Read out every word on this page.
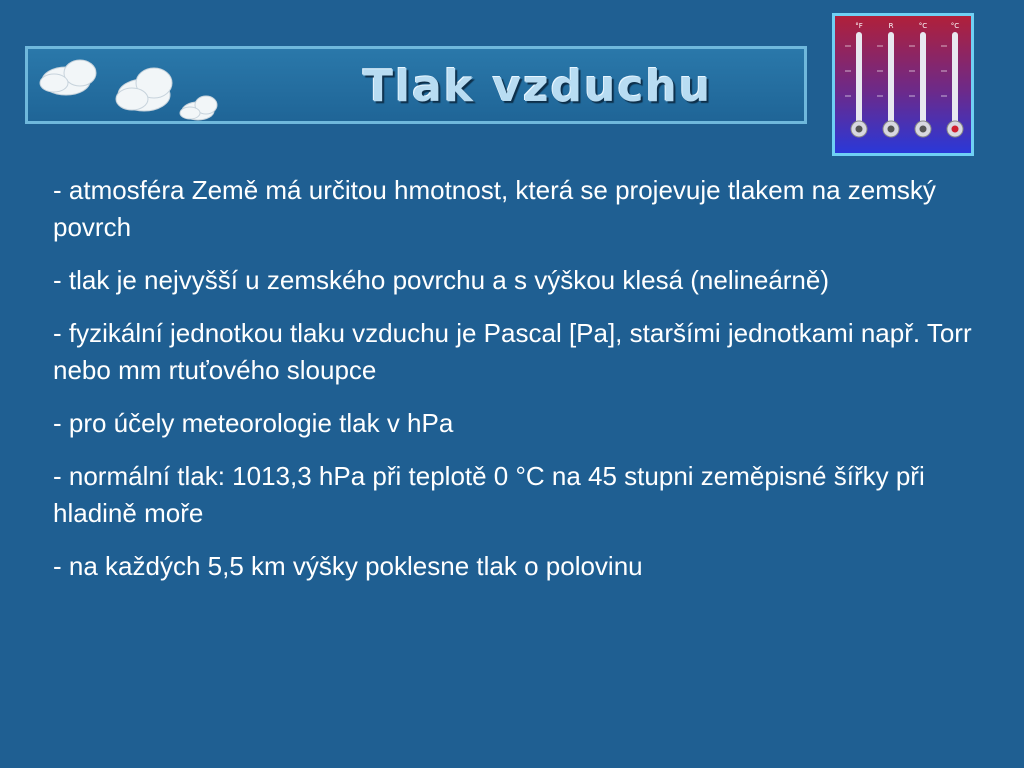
Tlak vzduchu
°F	R	°C	°C

- atmosféra Země má určitou hmotnost, která se projevuje tlakem na zemský povrch

- tlak je nejvyšší u zemského povrchu a s výškou klesá (nelineárně)

- fyzikální jednotkou tlaku vzduchu je Pascal [Pa], staršími jednotkami např. Torr nebo mm rtuťového sloupce

- pro účely meteorologie tlak v hPa

- normální tlak: 1013,3 hPa při teplotě 0 °C na 45 stupni zeměpisné šířky při hladině moře

- na každých 5,5 km výšky poklesne tlak o polovinu
